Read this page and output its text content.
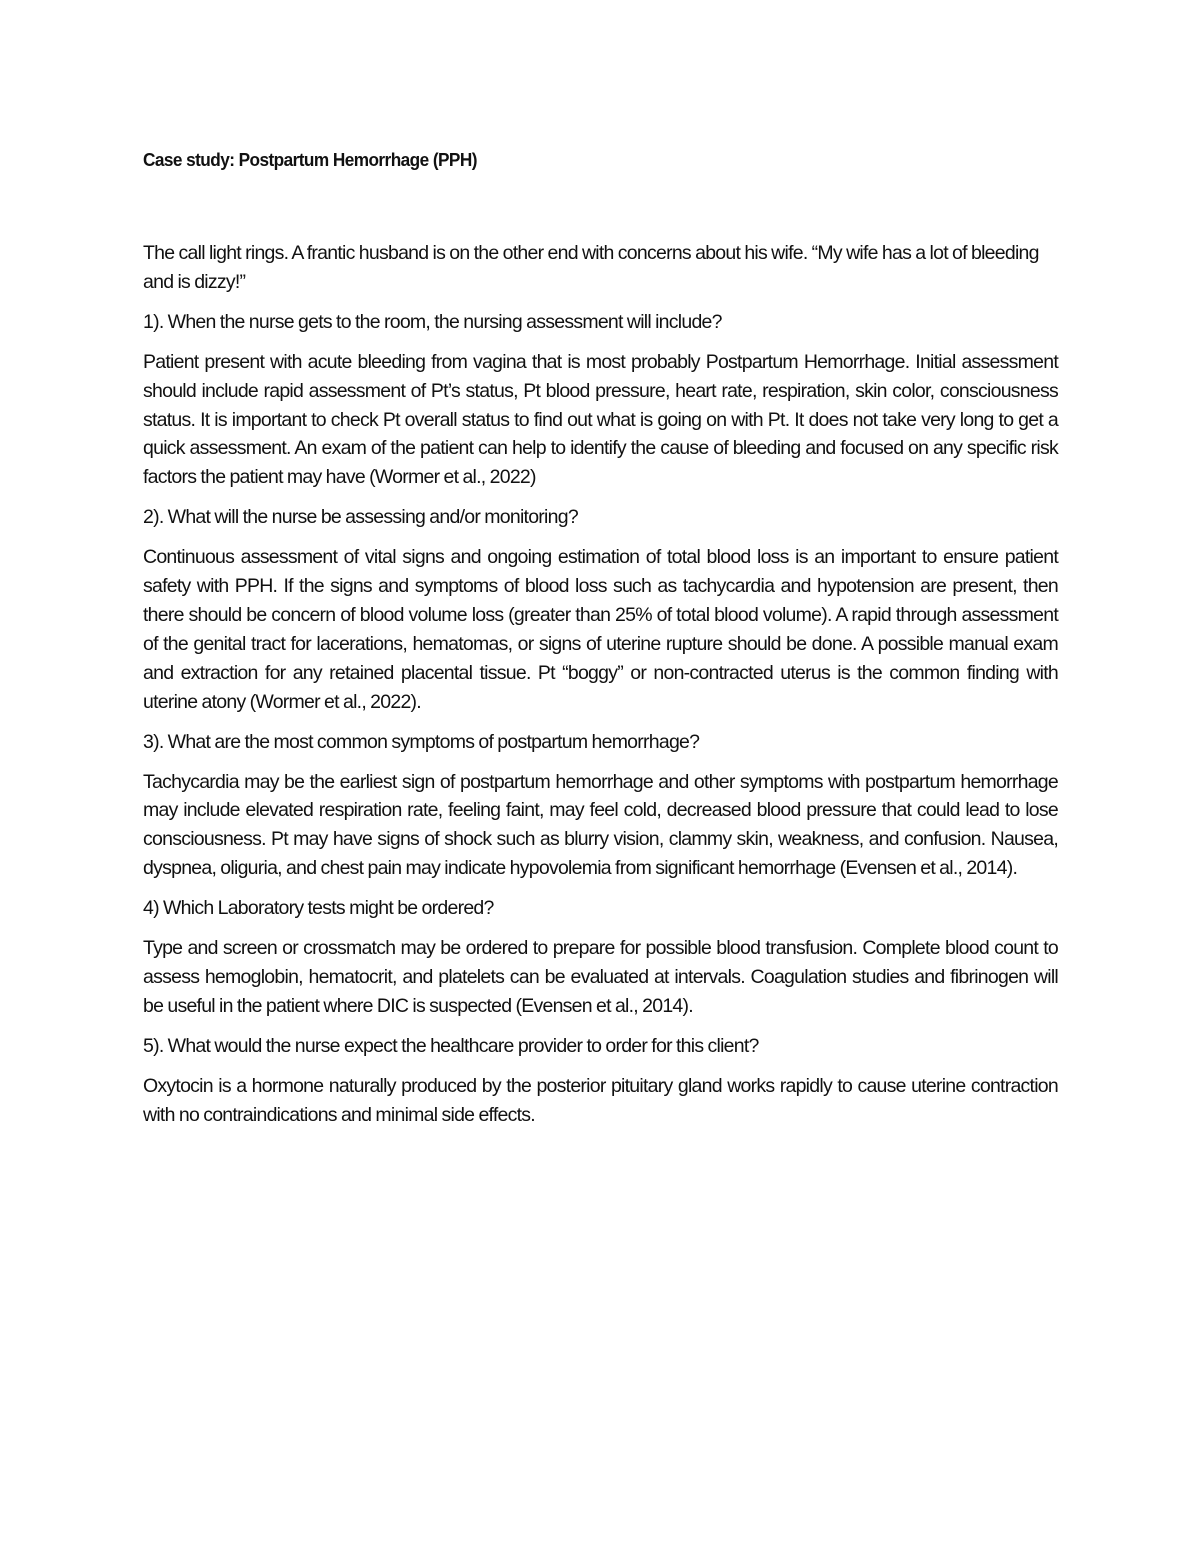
Case study: Postpartum Hemorrhage (PPH)

The call light rings. A frantic husband is on the other end with concerns about his wife. “My wife has a lot of bleeding and is dizzy!”

1). When the nurse gets to the room, the nursing assessment will include?

Patient present with acute bleeding from vagina that is most probably Postpartum Hemorrhage. Initial assessment should include rapid assessment of Pt’s status, Pt blood pressure, heart rate, respiration, skin color, consciousness status. It is important to check Pt overall status to find out what is going on with Pt. It does not take very long to get a quick assessment. An exam of the patient can help to identify the cause of bleeding and focused on any specific risk factors the patient may have (Wormer et al., 2022)

2). What will the nurse be assessing and/or monitoring?

Continuous assessment of vital signs and ongoing estimation of total blood loss is an important to ensure patient safety with PPH. If the signs and symptoms of blood loss such as tachycardia and hypotension are present, then there should be concern of blood volume loss (greater than 25% of total blood volume). A rapid through assessment of the genital tract for lacerations, hematomas, or signs of uterine rupture should be done. A possible manual exam and extraction for any retained placental tissue. Pt “boggy” or non-contracted uterus is the common finding with uterine atony (Wormer et al., 2022).

3). What are the most common symptoms of postpartum hemorrhage?

Tachycardia may be the earliest sign of postpartum hemorrhage and other symptoms with postpartum hemorrhage may include elevated respiration rate, feeling faint, may feel cold, decreased blood pressure that could lead to lose consciousness. Pt may have signs of shock such as blurry vision, clammy skin, weakness, and confusion. Nausea, dyspnea, oliguria, and chest pain may indicate hypovolemia from significant hemorrhage (Evensen et al., 2014).

4) Which Laboratory tests might be ordered?

Type and screen or crossmatch may be ordered to prepare for possible blood transfusion. Complete blood count to assess hemoglobin, hematocrit, and platelets can be evaluated at intervals. Coagulation studies and fibrinogen will be useful in the patient where DIC is suspected (Evensen et al., 2014).

5). What would the nurse expect the healthcare provider to order for this client?

Oxytocin is a hormone naturally produced by the posterior pituitary gland works rapidly to cause uterine contraction with no contraindications and minimal side effects.
